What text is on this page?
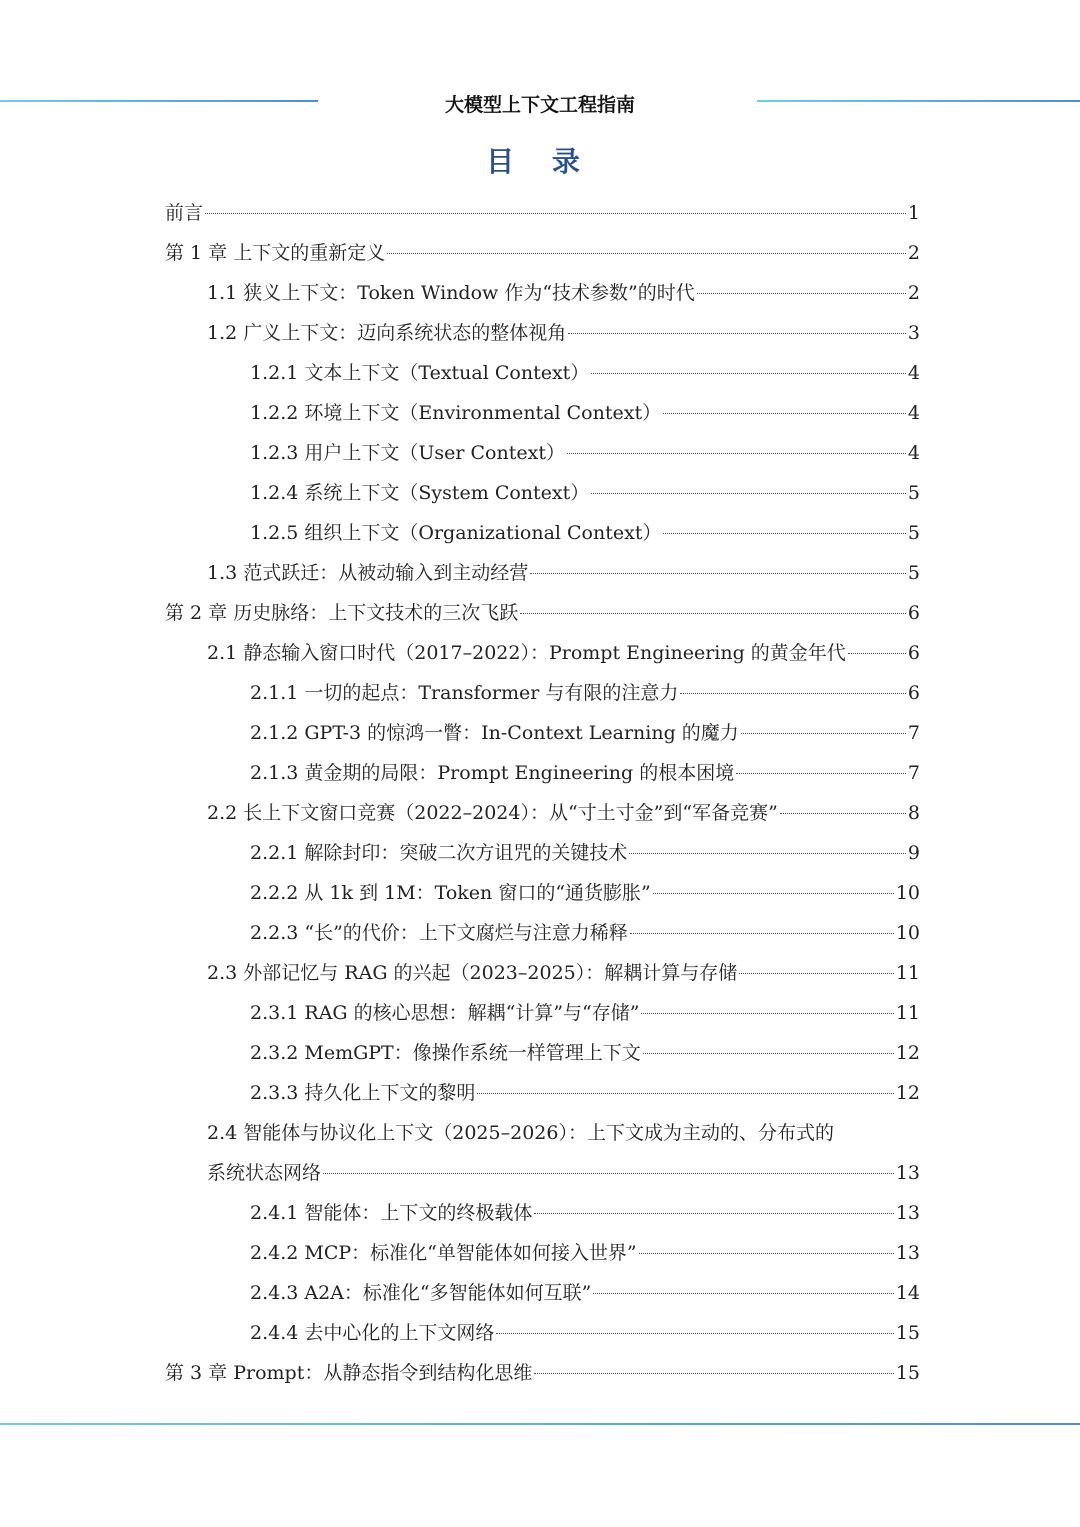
大模型上下文工程指南
目 录
前言	1
第 1 章 上下文的重新定义	2
1.1 狭义上下文：Token Window 作为“技术参数”的时代	2
1.2 广义上下文：迈向系统状态的整体视角	3
1.2.1 文本上下文（Textual Context）	4
1.2.2 环境上下文（Environmental Context）	4
1.2.3 用户上下文（User Context）	4
1.2.4 系统上下文（System Context）	5
1.2.5 组织上下文（Organizational Context）	5
1.3 范式跃迁：从被动输入到主动经营	5
第 2 章 历史脉络：上下文技术的三次飞跃	6
2.1 静态输入窗口时代（2017–2022）：Prompt Engineering 的黄金年代	6
2.1.1 一切的起点：Transformer 与有限的注意力	6
2.1.2 GPT-3 的惊鸿一瞥：In-Context Learning 的魔力	7
2.1.3 黄金期的局限：Prompt Engineering 的根本困境	7
2.2 长上下文窗口竞赛（2022–2024）：从“寸土寸金”到“军备竞赛”	8
2.2.1 解除封印：突破二次方诅咒的关键技术	9
2.2.2 从 1k 到 1M：Token 窗口的“通货膨胀”	10
2.2.3 “长”的代价：上下文腐烂与注意力稀释	10
2.3 外部记忆与 RAG 的兴起（2023–2025）：解耦计算与存储	11
2.3.1 RAG 的核心思想：解耦“计算”与“存储”	11
2.3.2 MemGPT：像操作系统一样管理上下文	12
2.3.3 持久化上下文的黎明	12
2.4 智能体与协议化上下文（2025–2026）：上下文成为主动的、分布式的
系统状态网络	13
2.4.1 智能体：上下文的终极载体	13
2.4.2 MCP：标准化“单智能体如何接入世界”	13
2.4.3 A2A：标准化“多智能体如何互联”	14
2.4.4 去中心化的上下文网络	15
第 3 章 Prompt：从静态指令到结构化思维	15
